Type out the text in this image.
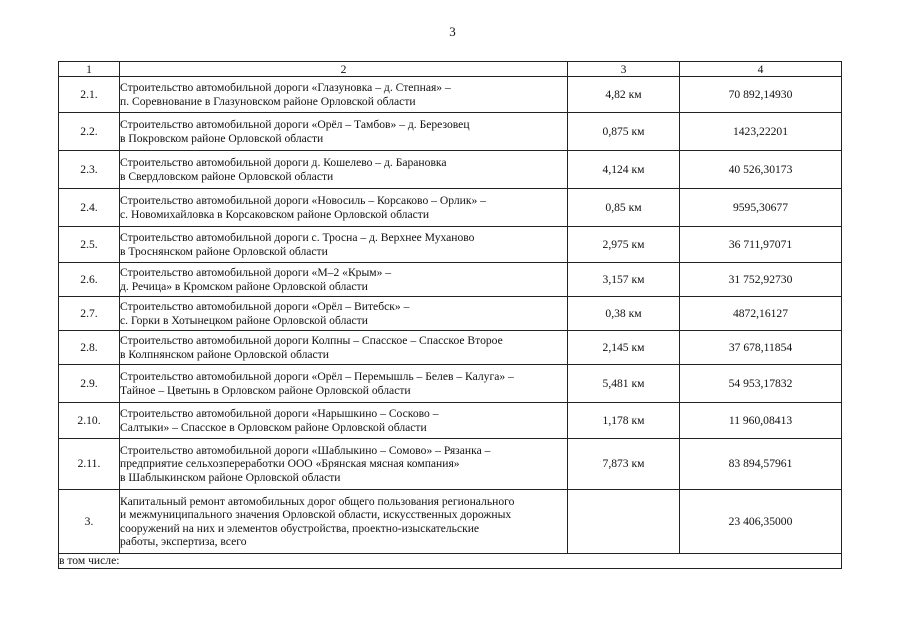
3
1	2	3	4
2.1.	Строительство автомобильной дороги «Глазуновка – д. Степная» –
п. Соревнование в Глазуновском районе Орловской области	4,82 км	70 892,14930
2.2.	Строительство автомобильной дороги «Орёл – Тамбов» – д. Березовец
в Покровском районе Орловской области	0,875 км	1423,22201
2.3.	Строительство автомобильной дороги д. Кошелево – д. Барановка
в Свердловском районе Орловской области	4,124 км	40 526,30173
2.4.	Строительство автомобильной дороги «Новосиль – Корсаково – Орлик» –
с. Новомихайловка в Корсаковском районе Орловской области	0,85 км	9595,30677
2.5.	Строительство автомобильной дороги с. Тросна – д. Верхнее Муханово
в Троснянском районе Орловской области	2,975 км	36 711,97071
2.6.	Строительство автомобильной дороги «М–2 «Крым» –
д. Речица» в Кромском районе Орловской области	3,157 км	31 752,92730
2.7.	Строительство автомобильной дороги «Орёл – Витебск» –
с. Горки в Хотынецком районе Орловской области	0,38 км	4872,16127
2.8.	Строительство автомобильной дороги Колпны – Спасское – Спасское Второе
в Колпнянском районе Орловской области	2,145 км	37 678,11854
2.9.	Строительство автомобильной дороги «Орёл – Перемышль – Белев – Калуга» –
Тайное – Цветынь в Орловском районе Орловской области	5,481 км	54 953,17832
2.10.	Строительство автомобильной дороги «Нарышкино – Сосково –
Салтыки» – Спасское в Орловском районе Орловской области	1,178 км	11 960,08413
2.11.	Строительство автомобильной дороги «Шаблыкино – Сомово» – Рязанка –
предприятие сельхозпереработки ООО «Брянская мясная компания»
в Шаблыкинском районе Орловской области	7,873 км	83 894,57961
3.	Капитальный ремонт автомобильных дорог общего пользования регионального
и межмуниципального значения Орловской области, искусственных дорожных
сооружений на них и элементов обустройства, проектно-изыскательские
работы, экспертиза, всего		23 406,35000
в том числе:			
